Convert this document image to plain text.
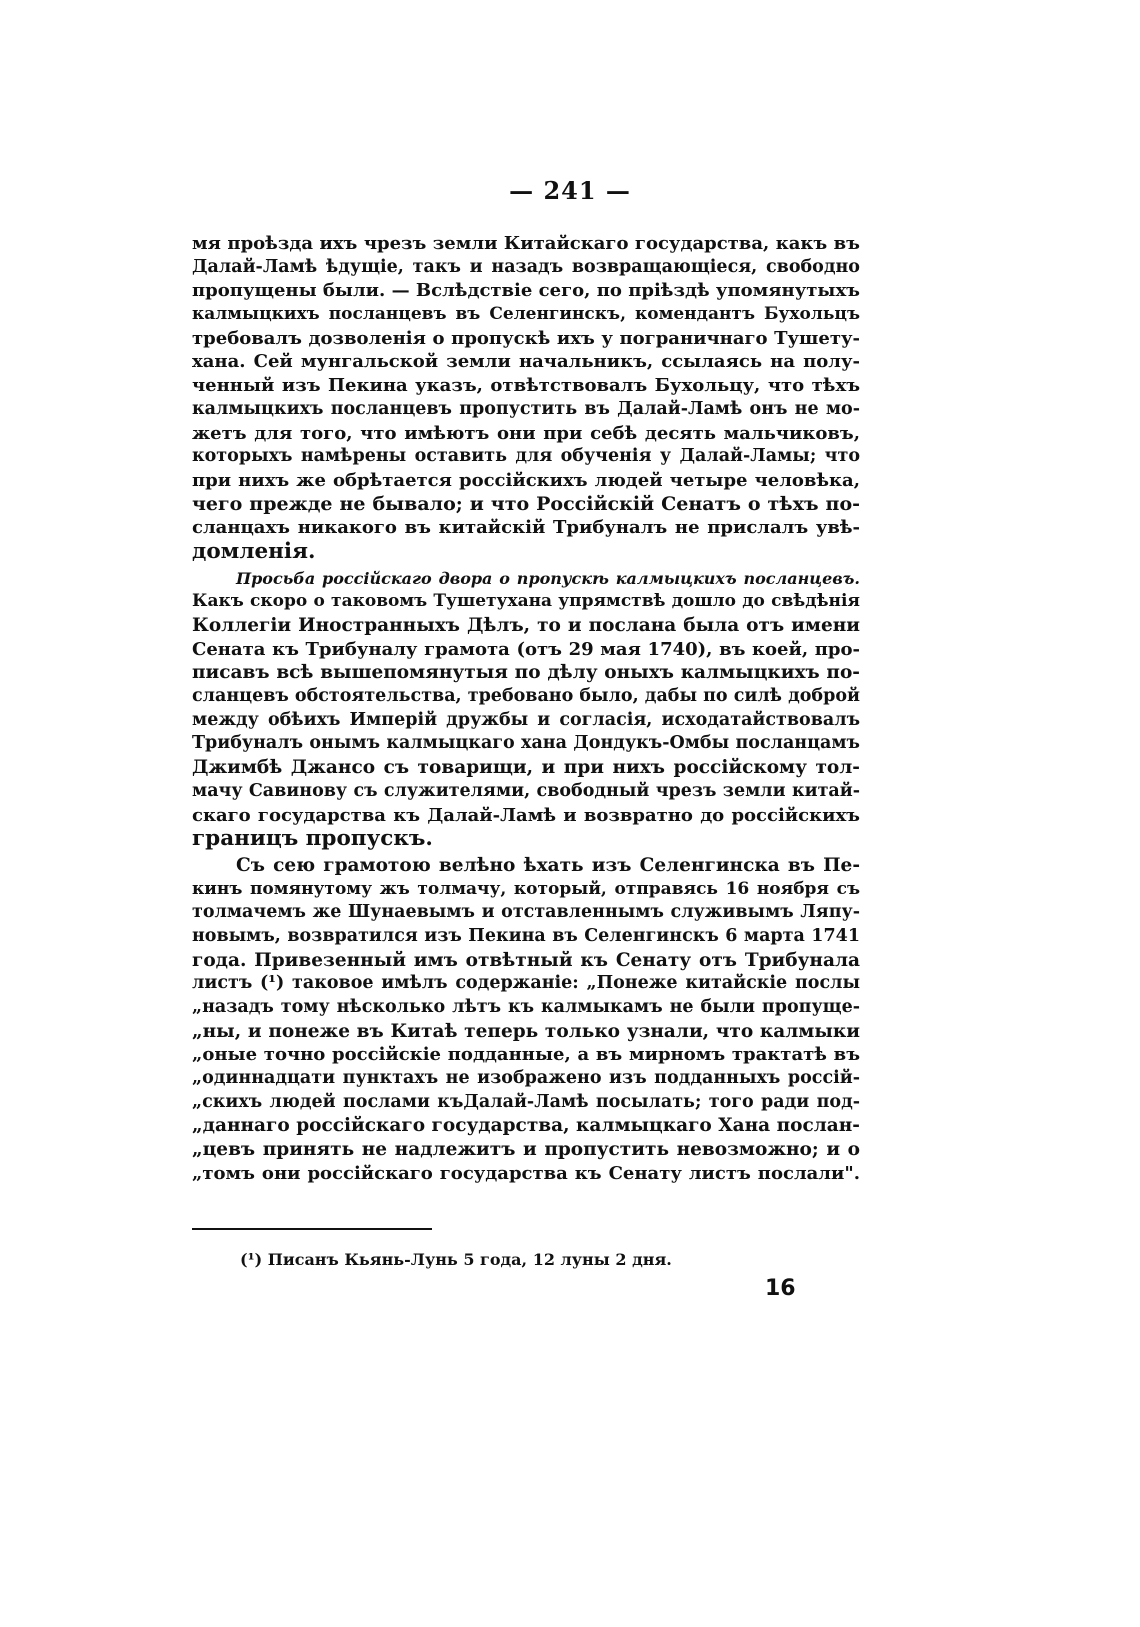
— 241 —
мя проѣзда ихъ чрезъ земли Китайскаго государства, какъ въ
Далай-Ламѣ ѣдущіе, такъ и назадъ возвращающіеся, свободно
пропущены были. — Вслѣдствіе сего, по пріѣздѣ упомянутыхъ
калмыцкихъ посланцевъ въ Селенгинскъ, комендантъ Бухольцъ
требовалъ дозволенія о пропускѣ ихъ у пограничнаго Тушету-
хана. Сей мунгальской земли начальникъ, ссылаясь на полу-
ченный изъ Пекина указъ, отвѣтствовалъ Бухольцу, что тѣхъ
калмыцкихъ посланцевъ пропустить въ Далай-Ламѣ онъ не мо-
жетъ для того, что имѣютъ они при себѣ десять мальчиковъ,
которыхъ намѣрены оставить для обученія у Далай-Ламы; что
при нихъ же обрѣтается россійскихъ людей четыре человѣка,
чего прежде не бывало; и что Россійскій Сенатъ о тѣхъ по-
сланцахъ никакого въ китайскій Трибуналъ не прислалъ увѣ-
домленія.
Просьба россійскаго двора о пропускѣ калмыцкихъ посланцевъ.
Какъ скоро о таковомъ Тушетухана упрямствѣ дошло до свѣдѣнія
Коллегіи Иностранныхъ Дѣлъ, то и послана была отъ имени
Сената къ Трибуналу грамота (отъ 29 мая 1740), въ коей, про-
писавъ всѣ вышепомянутыя по дѣлу оныхъ калмыцкихъ по-
сланцевъ обстоятельства, требовано было, дабы по силѣ доброй
между обѣихъ Имперій дружбы и согласія, исходатайствовалъ
Трибуналъ онымъ калмыцкаго хана Дондукъ-Омбы посланцамъ
Джимбѣ Джансо съ товарищи, и при нихъ россійскому тол-
мачу Савинову съ служителями, свободный чрезъ земли китай-
скаго государства къ Далай-Ламѣ и возвратно до россійскихъ
границъ пропускъ.
Съ сею грамотою велѣно ѣхать изъ Селенгинска въ Пе-
кинъ помянутому жъ толмачу, который, отправясь 16 ноября съ
толмачемъ же Шунаевымъ и отставленнымъ служивымъ Ляпу-
новымъ, возвратился изъ Пекина въ Селенгинскъ 6 марта 1741
года. Привезенный имъ отвѣтный къ Сенату отъ Трибунала
листъ (¹) таковое имѣлъ содержаніе: „Понеже китайскіе послы
„назадъ тому нѣсколько лѣтъ къ калмыкамъ не были пропуще-
„ны, и понеже въ Китаѣ теперь только узнали, что калмыки
„оные точно россійскіе подданные, а въ мирномъ трактатѣ въ
„одиннадцати пунктахъ не изображено изъ подданныхъ россій-
„скихъ людей послами къДалай-Ламѣ посылать; того ради под-
„даннаго россійскаго государства, калмыцкаго Хана послан-
„цевъ принять не надлежитъ и пропустить невозможно; и о
„томъ они россійскаго государства къ Сенату листъ послали".
(¹) Писанъ Кьянь-Лунь 5 года, 12 луны 2 дня.
16
